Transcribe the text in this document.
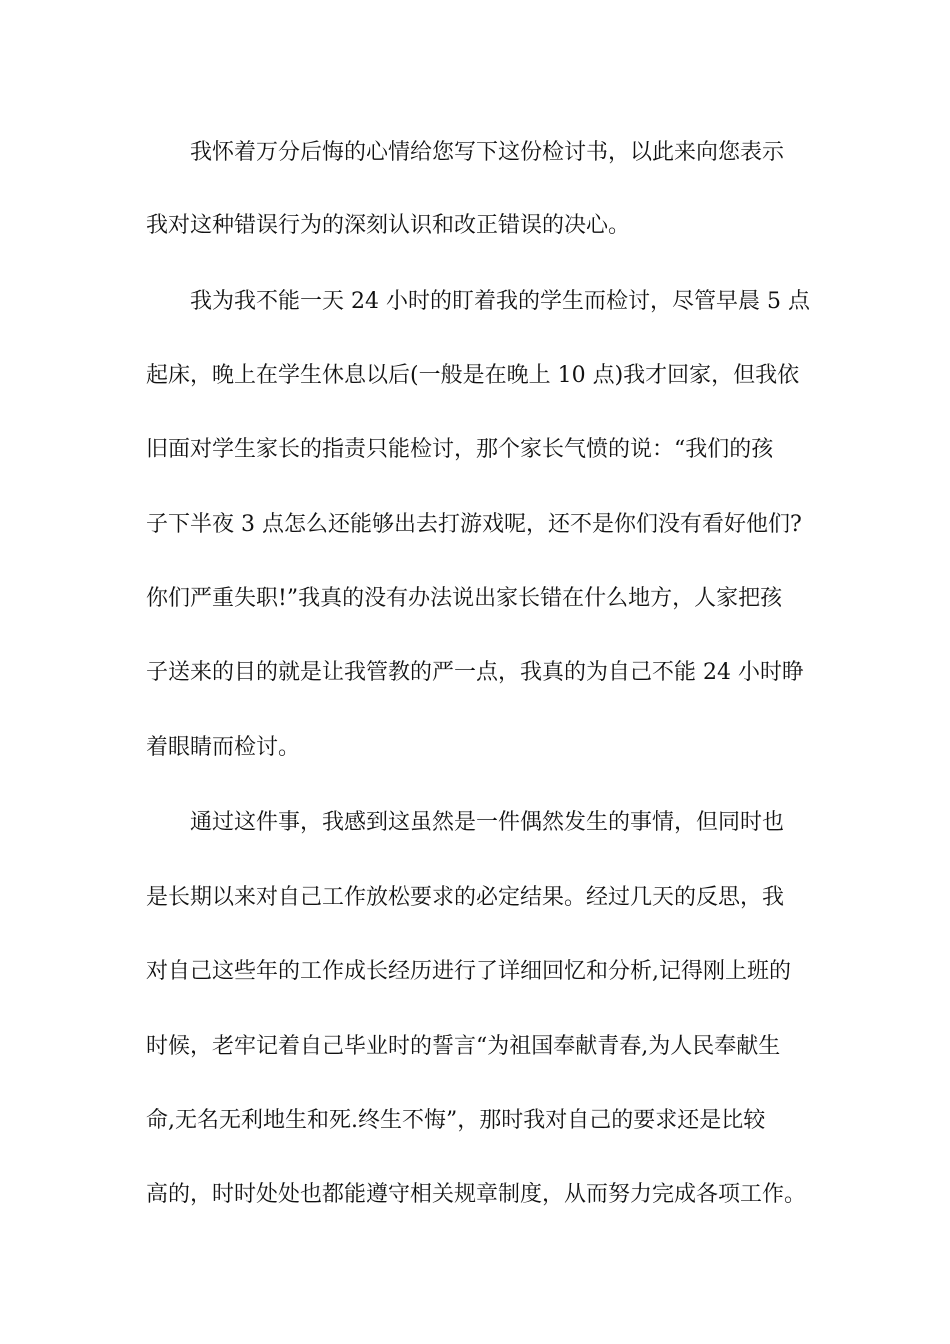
我怀着万分后悔的心情给您写下这份检讨书，以此来向您表示
我对这种错误行为的深刻认识和改正错误的决心。
我为我不能一天 24 小时的盯着我的学生而检讨，尽管早晨 5 点
起床，晚上在学生休息以后(一般是在晚上 10 点)我才回家，但我依
旧面对学生家长的指责只能检讨，那个家长气愤的说：“我们的孩
子下半夜 3 点怎么还能够出去打游戏呢，还不是你们没有看好他们?
你们严重失职!”我真的没有办法说出家长错在什么地方，人家把孩
子送来的目的就是让我管教的严一点，我真的为自己不能 24 小时睁
着眼睛而检讨。
通过这件事，我感到这虽然是一件偶然发生的事情，但同时也
是长期以来对自己工作放松要求的必定结果。经过几天的反思，我
对自己这些年的工作成长经历进行了详细回忆和分析,记得刚上班的
时候，老牢记着自己毕业时的誓言“为祖国奉献青春,为人民奉献生
命,无名无利地生和死.终生不悔”，那时我对自己的要求还是比较
高的，时时处处也都能遵守相关规章制度，从而努力完成各项工作。
